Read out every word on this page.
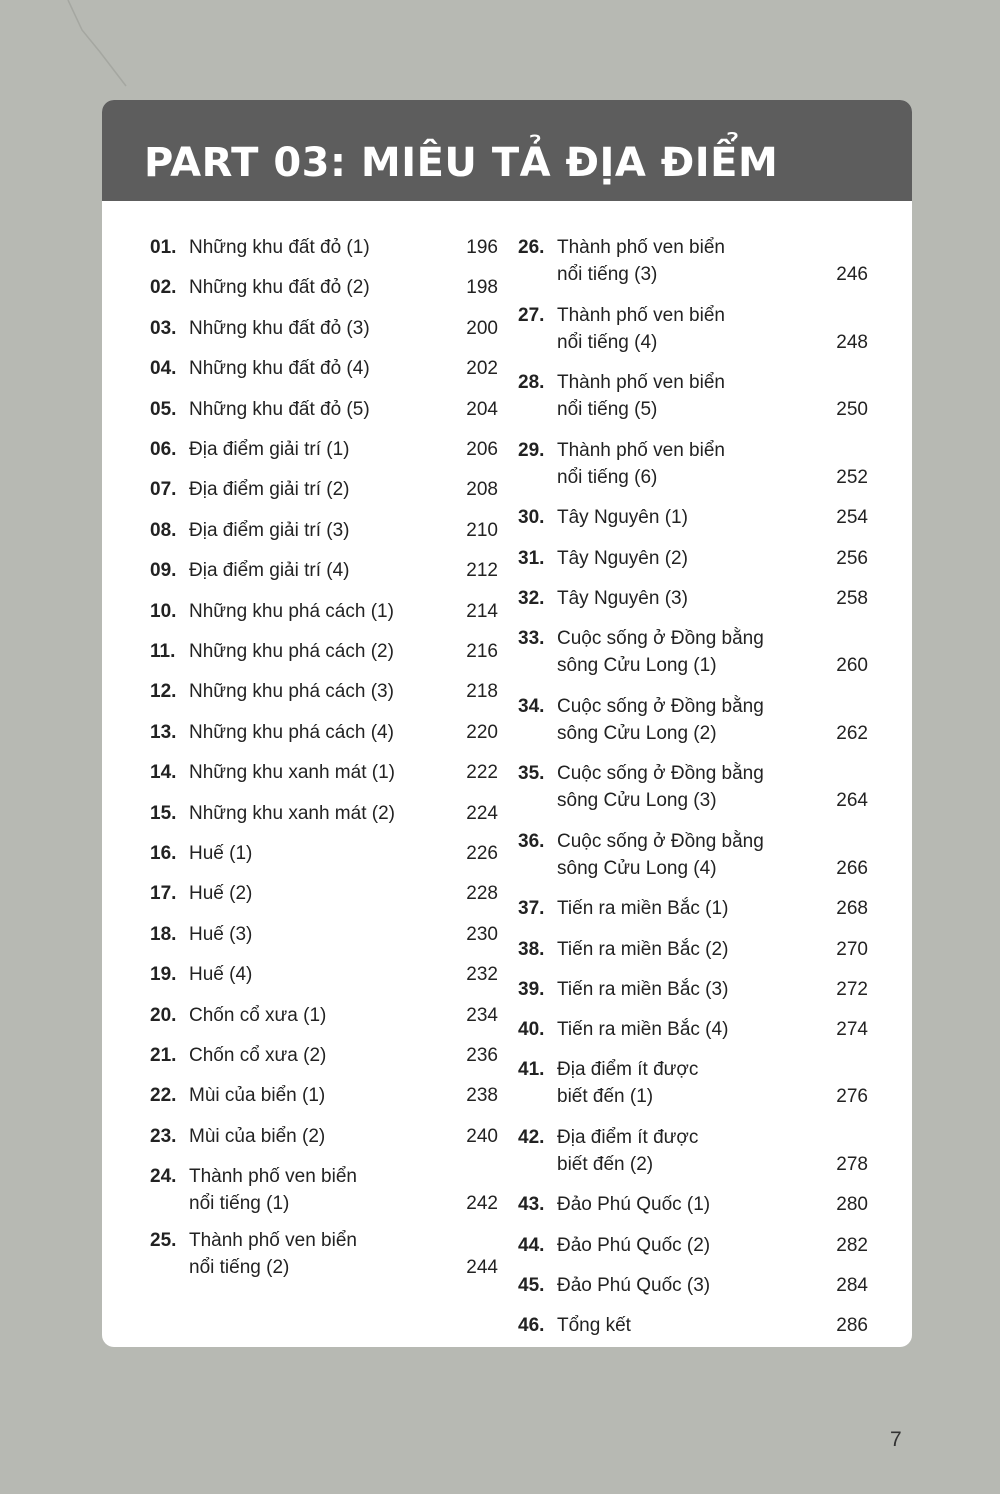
PART 03: MIÊU TẢ ĐỊA ĐIỂM
01. Những khu đất đỏ (1)	196
02. Những khu đất đỏ (2)	198
03. Những khu đất đỏ (3)	200
04. Những khu đất đỏ (4)	202
05. Những khu đất đỏ (5)	204
06. Địa điểm giải trí (1)	206
07. Địa điểm giải trí (2)	208
08. Địa điểm giải trí (3)	210
09. Địa điểm giải trí (4)	212
10. Những khu phá cách (1)	214
11. Những khu phá cách (2)	216
12. Những khu phá cách (3)	218
13. Những khu phá cách (4)	220
14. Những khu xanh mát (1)	222
15. Những khu xanh mát (2)	224
16. Huế (1)	226
17. Huế (2)	228
18. Huế (3)	230
19. Huế (4)	232
20. Chốn cổ xưa (1)	234
21. Chốn cổ xưa (2)	236
22. Mùi của biển (1)	238
23. Mùi của biển (2)	240
24. Thành phố ven biển
nổi tiếng (1)	242
25. Thành phố ven biển
nổi tiếng (2)	244
26. Thành phố ven biển
nổi tiếng (3)	246
27. Thành phố ven biển
nổi tiếng (4)	248
28. Thành phố ven biển
nổi tiếng (5)	250
29. Thành phố ven biển
nổi tiếng (6)	252
30. Tây Nguyên (1)	254
31. Tây Nguyên (2)	256
32. Tây Nguyên (3)	258
33. Cuộc sống ở Đồng bằng
sông Cửu Long (1)	260
34. Cuộc sống ở Đồng bằng
sông Cửu Long (2)	262
35. Cuộc sống ở Đồng bằng
sông Cửu Long (3)	264
36. Cuộc sống ở Đồng bằng
sông Cửu Long (4)	266
37. Tiến ra miền Bắc (1)	268
38. Tiến ra miền Bắc (2)	270
39. Tiến ra miền Bắc (3)	272
40. Tiến ra miền Bắc (4)	274
41. Địa điểm ít được
biết đến (1)	276
42. Địa điểm ít được
biết đến (2)	278
43. Đảo Phú Quốc (1)	280
44. Đảo Phú Quốc (2)	282
45. Đảo Phú Quốc (3)	284
46. Tổng kết	286
7
